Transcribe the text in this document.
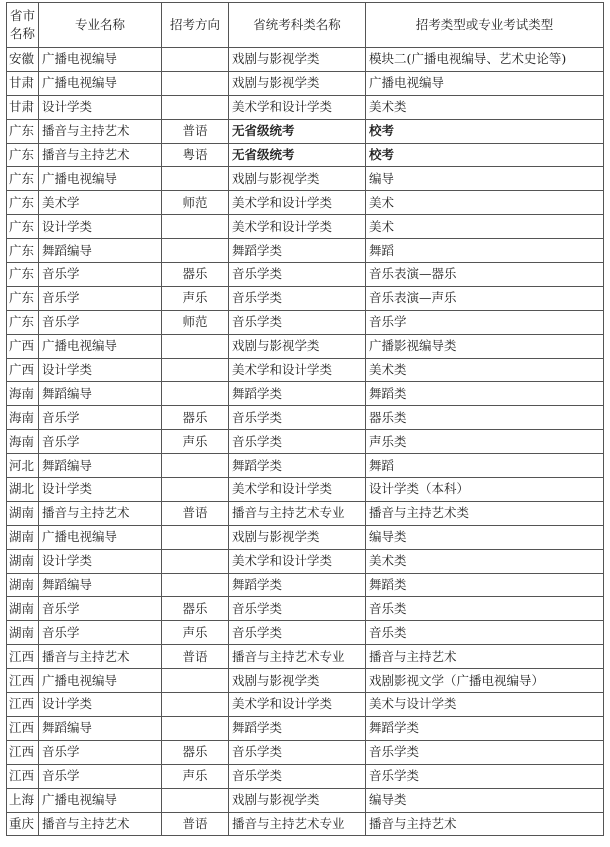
省市名称	专业名称	招考方向	省统考科类名称	招考类型或专业考试类型
安徽	广播电视编导		戏剧与影视学类	模块二(广播电视编导、艺术史论等)
甘肃	广播电视编导		戏剧与影视学类	广播电视编导
甘肃	设计学类		美术学和设计学类	美术类
广东	播音与主持艺术	普语	无省级统考	校考
广东	播音与主持艺术	粤语	无省级统考	校考
广东	广播电视编导		戏剧与影视学类	编导
广东	美术学	师范	美术学和设计学类	美术
广东	设计学类		美术学和设计学类	美术
广东	舞蹈编导		舞蹈学类	舞蹈
广东	音乐学	器乐	音乐学类	音乐表演—器乐
广东	音乐学	声乐	音乐学类	音乐表演—声乐
广东	音乐学	师范	音乐学类	音乐学
广西	广播电视编导		戏剧与影视学类	广播影视编导类
广西	设计学类		美术学和设计学类	美术类
海南	舞蹈编导		舞蹈学类	舞蹈类
海南	音乐学	器乐	音乐学类	器乐类
海南	音乐学	声乐	音乐学类	声乐类
河北	舞蹈编导		舞蹈学类	舞蹈
湖北	设计学类		美术学和设计学类	设计学类（本科）
湖南	播音与主持艺术	普语	播音与主持艺术专业	播音与主持艺术类
湖南	广播电视编导		戏剧与影视学类	编导类
湖南	设计学类		美术学和设计学类	美术类
湖南	舞蹈编导		舞蹈学类	舞蹈类
湖南	音乐学	器乐	音乐学类	音乐类
湖南	音乐学	声乐	音乐学类	音乐类
江西	播音与主持艺术	普语	播音与主持艺术专业	播音与主持艺术
江西	广播电视编导		戏剧与影视学类	戏剧影视文学（广播电视编导）
江西	设计学类		美术学和设计学类	美术与设计学类
江西	舞蹈编导		舞蹈学类	舞蹈学类
江西	音乐学	器乐	音乐学类	音乐学类
江西	音乐学	声乐	音乐学类	音乐学类
上海	广播电视编导		戏剧与影视学类	编导类
重庆	播音与主持艺术	普语	播音与主持艺术专业	播音与主持艺术
